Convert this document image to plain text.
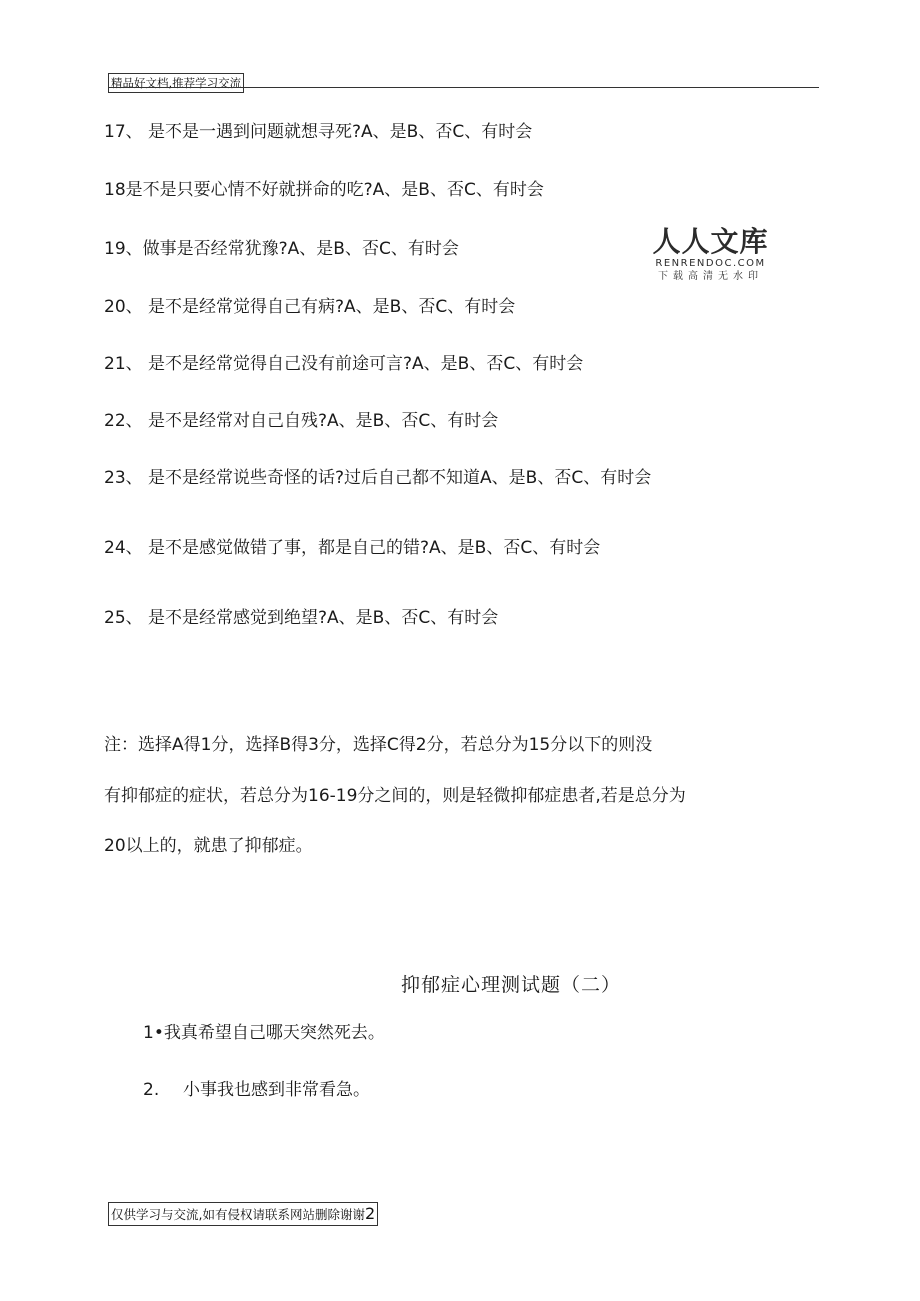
精品好文档,推荐学习交流
17、 是不是一遇到问题就想寻死?A、是B、否C、有时会
18是不是只要心情不好就拼命的吃?A、是B、否C、有时会
19、做事是否经常犹豫?A、是B、否C、有时会
20、 是不是经常觉得自己有病?A、是B、否C、有时会
21、 是不是经常觉得自己没有前途可言?A、是B、否C、有时会
22、 是不是经常对自己自残?A、是B、否C、有时会
23、 是不是经常说些奇怪的话?过后自己都不知道A、是B、否C、有时会
24、 是不是感觉做错了事，都是自己的错?A、是B、否C、有时会
25、 是不是经常感觉到绝望?A、是B、否C、有时会
人人文库
RENRENDOC.COM
下载高清无水印
注：选择A得1分，选择B得3分，选择C得2分，若总分为15分以下的则没
有抑郁症的症状，若总分为16-19分之间的，则是轻微抑郁症患者,若是总分为
20以上的，就患了抑郁症。
抑郁症心理测试题（二）
1•我真希望自己哪天突然死去。
2. 小事我也感到非常看急。
仅供学习与交流,如有侵权请联系网站删除谢谢2
